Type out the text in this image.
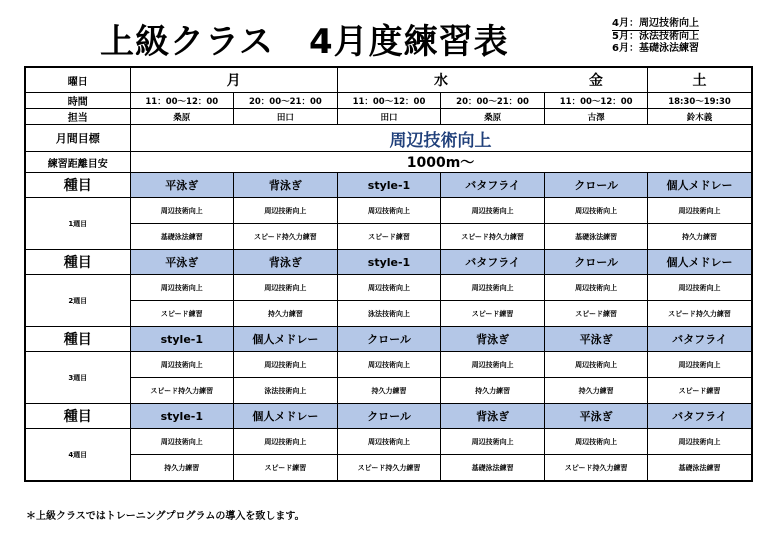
上級クラス　4月度練習表	4月：周辺技術向上
5月：泳法技術向上
6月：基礎泳法練習
曜日	月		水		金	土
時間	11：00～12：00	20：00～21：00	11：00～12：00	20：00～21：00	11：00～12：00	18:30～19:30
担当	桑原	田口	田口	桑原	古澤	鈴木義
月間目標	周辺技術向上					
練習距離目安	1000m～					
種目	平泳ぎ	背泳ぎ	style-1	バタフライ	クロール	個人メドレー
1週目	周辺技術向上	周辺技術向上	周辺技術向上	周辺技術向上	周辺技術向上	周辺技術向上
	基礎泳法練習	スピード持久力練習	スピード練習	スピード持久力練習	基礎泳法練習	持久力練習
種目	平泳ぎ	背泳ぎ	style-1	バタフライ	クロール	個人メドレー
2週目	周辺技術向上	周辺技術向上	周辺技術向上	周辺技術向上	周辺技術向上	周辺技術向上
	スピード練習	持久力練習	泳法技術向上	スピード練習	スピード練習	スピード持久力練習
種目	style-1	個人メドレー	クロール	背泳ぎ	平泳ぎ	バタフライ
3週目	周辺技術向上	周辺技術向上	周辺技術向上	周辺技術向上	周辺技術向上	周辺技術向上
	スピード持久力練習	泳法技術向上	持久力練習	持久力練習	持久力練習	スピード練習
種目	style-1	個人メドレー	クロール	背泳ぎ	平泳ぎ	バタフライ
4週目	周辺技術向上	周辺技術向上	周辺技術向上	周辺技術向上	周辺技術向上	周辺技術向上
	持久力練習	スピード練習	スピード持久力練習	基礎泳法練習	スピード持久力練習	基礎泳法練習
＊上級クラスではトレーニングプログラムの導入を致します。
